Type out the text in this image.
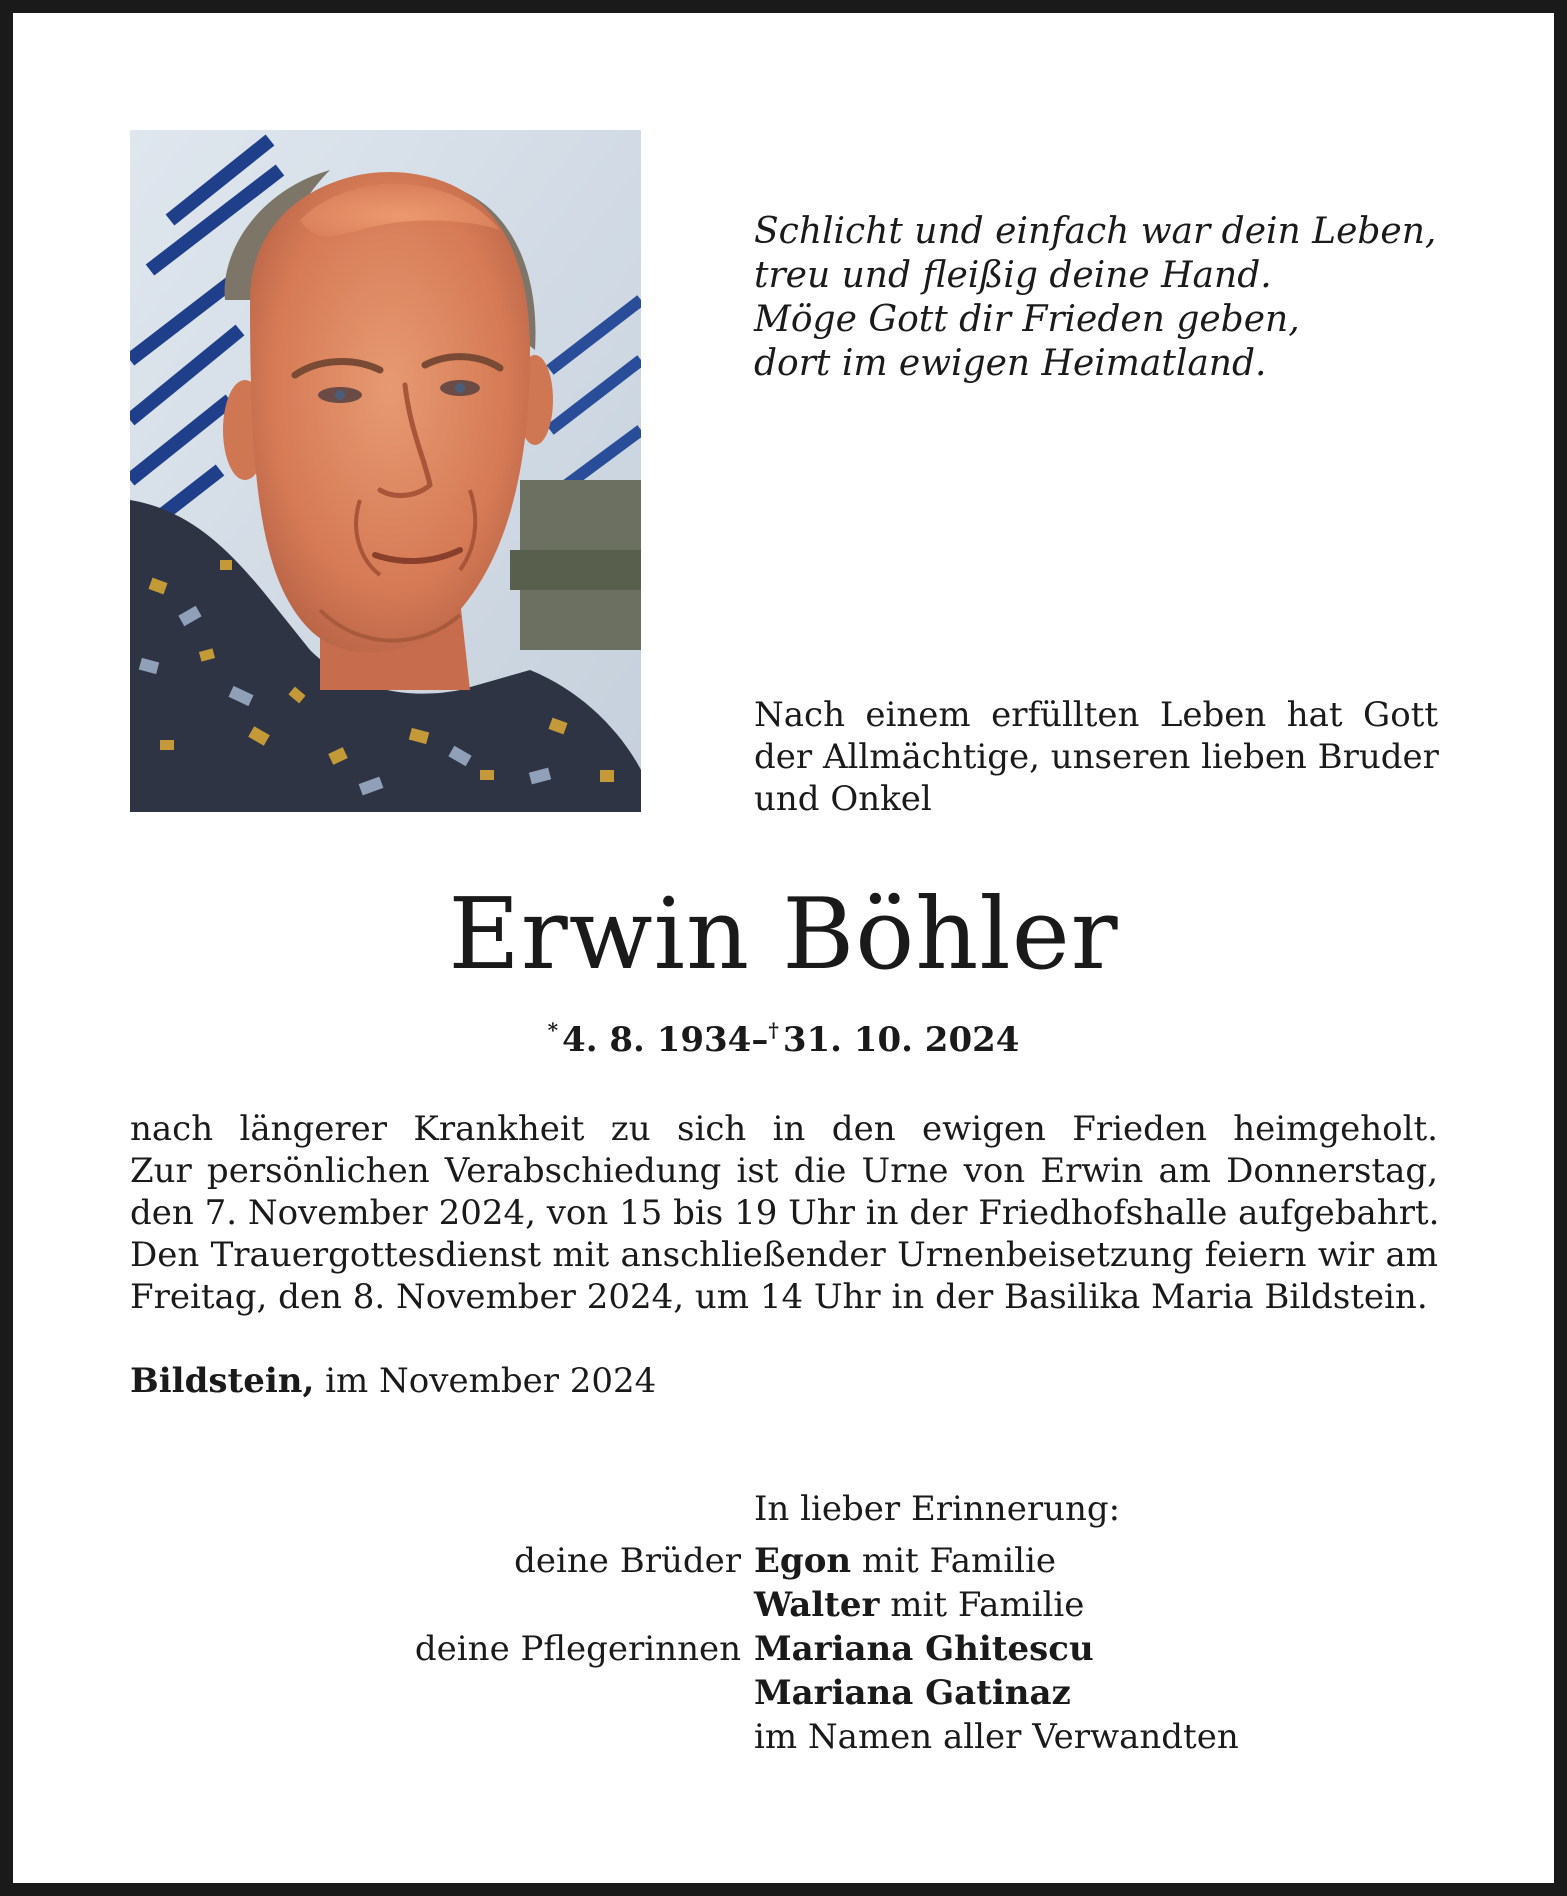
Schlicht und einfach war dein Leben,
treu und fleißig deine Hand.
Möge Gott dir Frieden geben,
dort im ewigen Heimatland.
Nach einem erfüllten Leben hat Gott
der Allmächtige, unseren lieben Bruder
und Onkel
Erwin Böhler
* 4. 8. 1934–† 31. 10. 2024
nach längerer Krankheit zu sich in den ewigen Frieden heimgeholt.
Zur persönlichen Verabschiedung ist die Urne von Erwin am Donnerstag,
den 7. November 2024, von 15 bis 19 Uhr in der Friedhofshalle aufgebahrt.
Den Trauergottesdienst mit anschließender Urnenbeisetzung feiern wir am
Freitag, den 8. November 2024, um 14 Uhr in der Basilika Maria Bildstein.
Bildstein, im November 2024
In lieber Erinnerung:
deine Brüder Egon mit Familie
Walter mit Familie
deine Pflegerinnen Mariana Ghitescu
Mariana Gatinaz
im Namen aller Verwandten
